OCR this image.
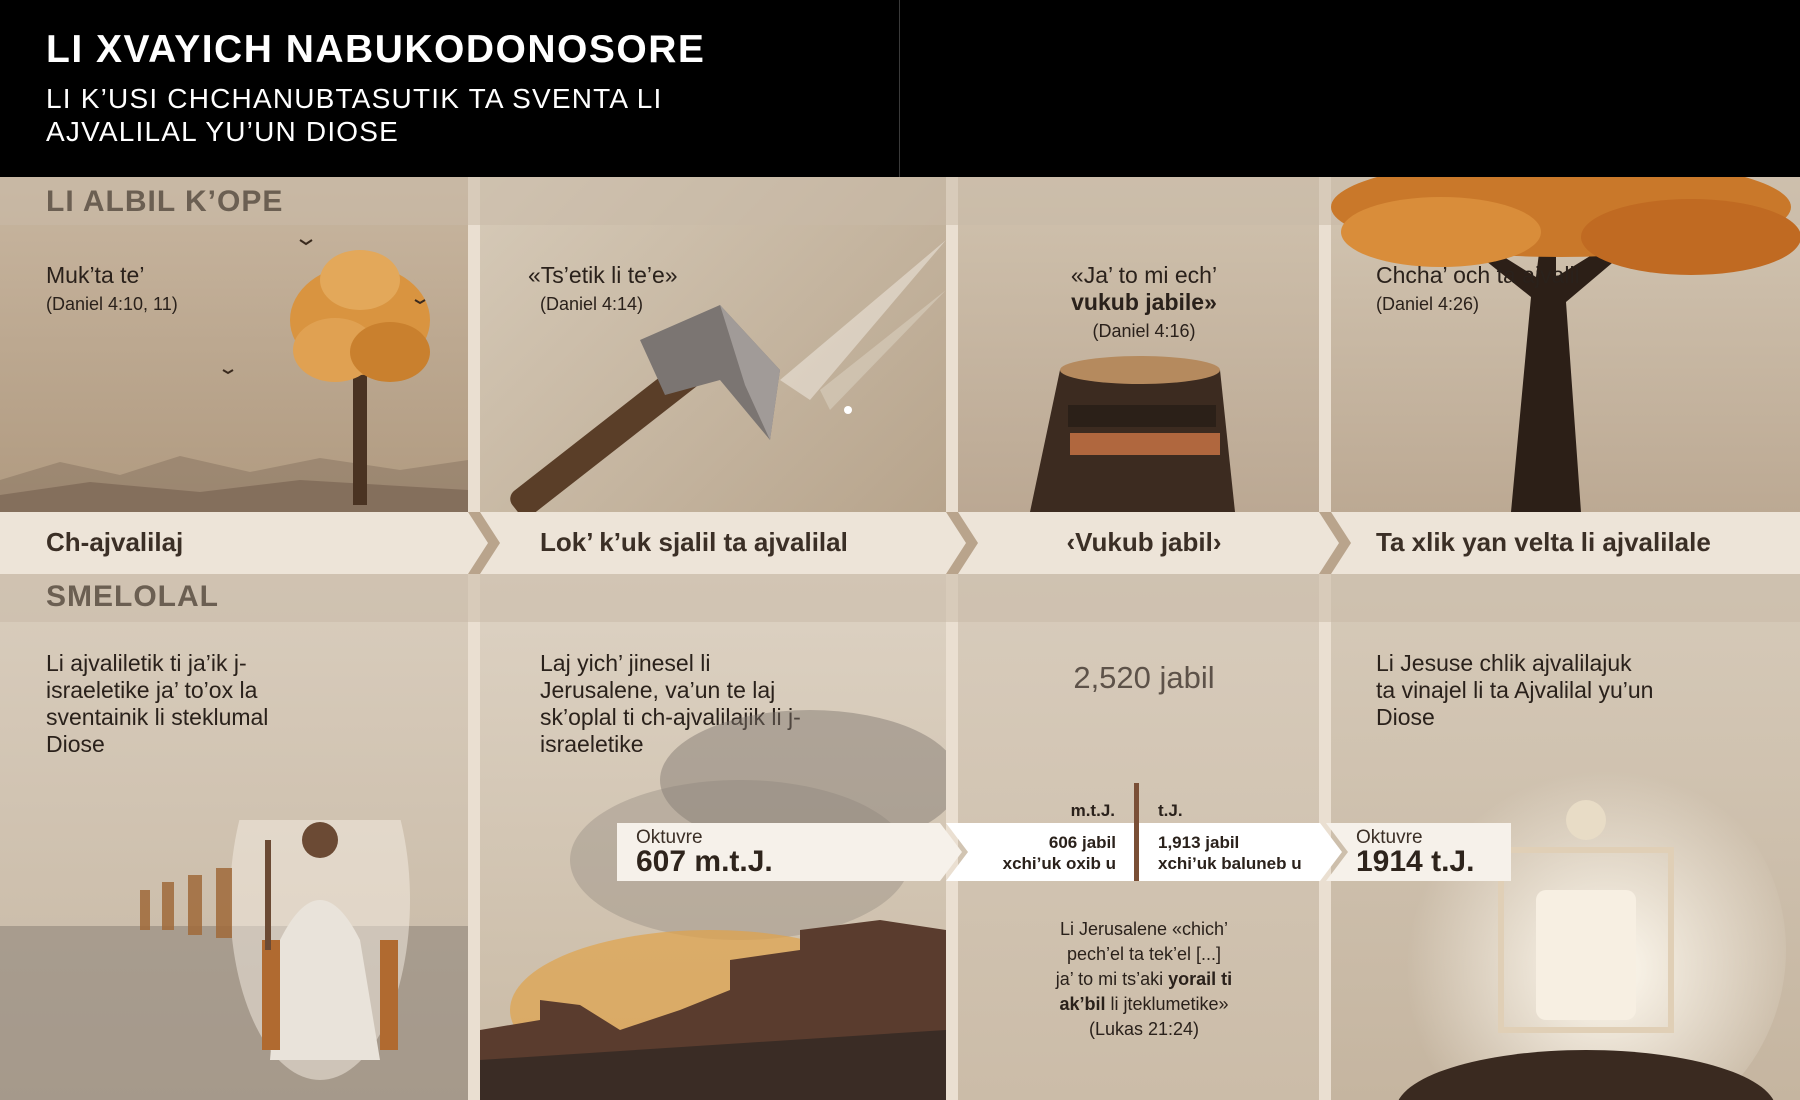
LI XVAYICH NABUKODONOSORE

LI K’USI CHCHANUBTASUTIK TA SVENTA LI AJVALILAL YU’UN DIOSE

LI ALBIL K’OPE
Muk’ta te’
(Daniel 4:10, 11)
«Ts’etik li te’e»
(Daniel 4:14)
«Ja’ to mi ech’
vukub jabile»
(Daniel 4:16)
Chcha’ och ta ajvalil
(Daniel 4:26)
Ch-ajvalilaj	Lok’ k’uk sjalil ta ajvalilal	‹Vukub jabil›	Ta xlik yan velta li ajvalilale
SMELOLAL
Li ajvaliletik ti ja’ik j-israeletike ja’ to’ox la sventainik li steklumal Diose
Laj yich’ jinesel li Jerusalene, va’un te laj sk’oplal ti ch-ajvalilajik li j-israeletike
2,520 jabil	Li Jesuse chlik ajvalilajuk ta vinajel li ta Ajvalilal yu’un Diose
Li Jerusalene «chich’
pech’el ta tek’el [...]
ja’ to mi ts’aki yorail ti
ak’bil li jteklumetike»
(Lukas 21:24)
Oktuvre
607 m.t.J.
m.t.J.	t.J.
606 jabil
xchi’uk oxib u
1,913 jabil
xchi’uk baluneb u
Oktuvre
1914 t.J.
